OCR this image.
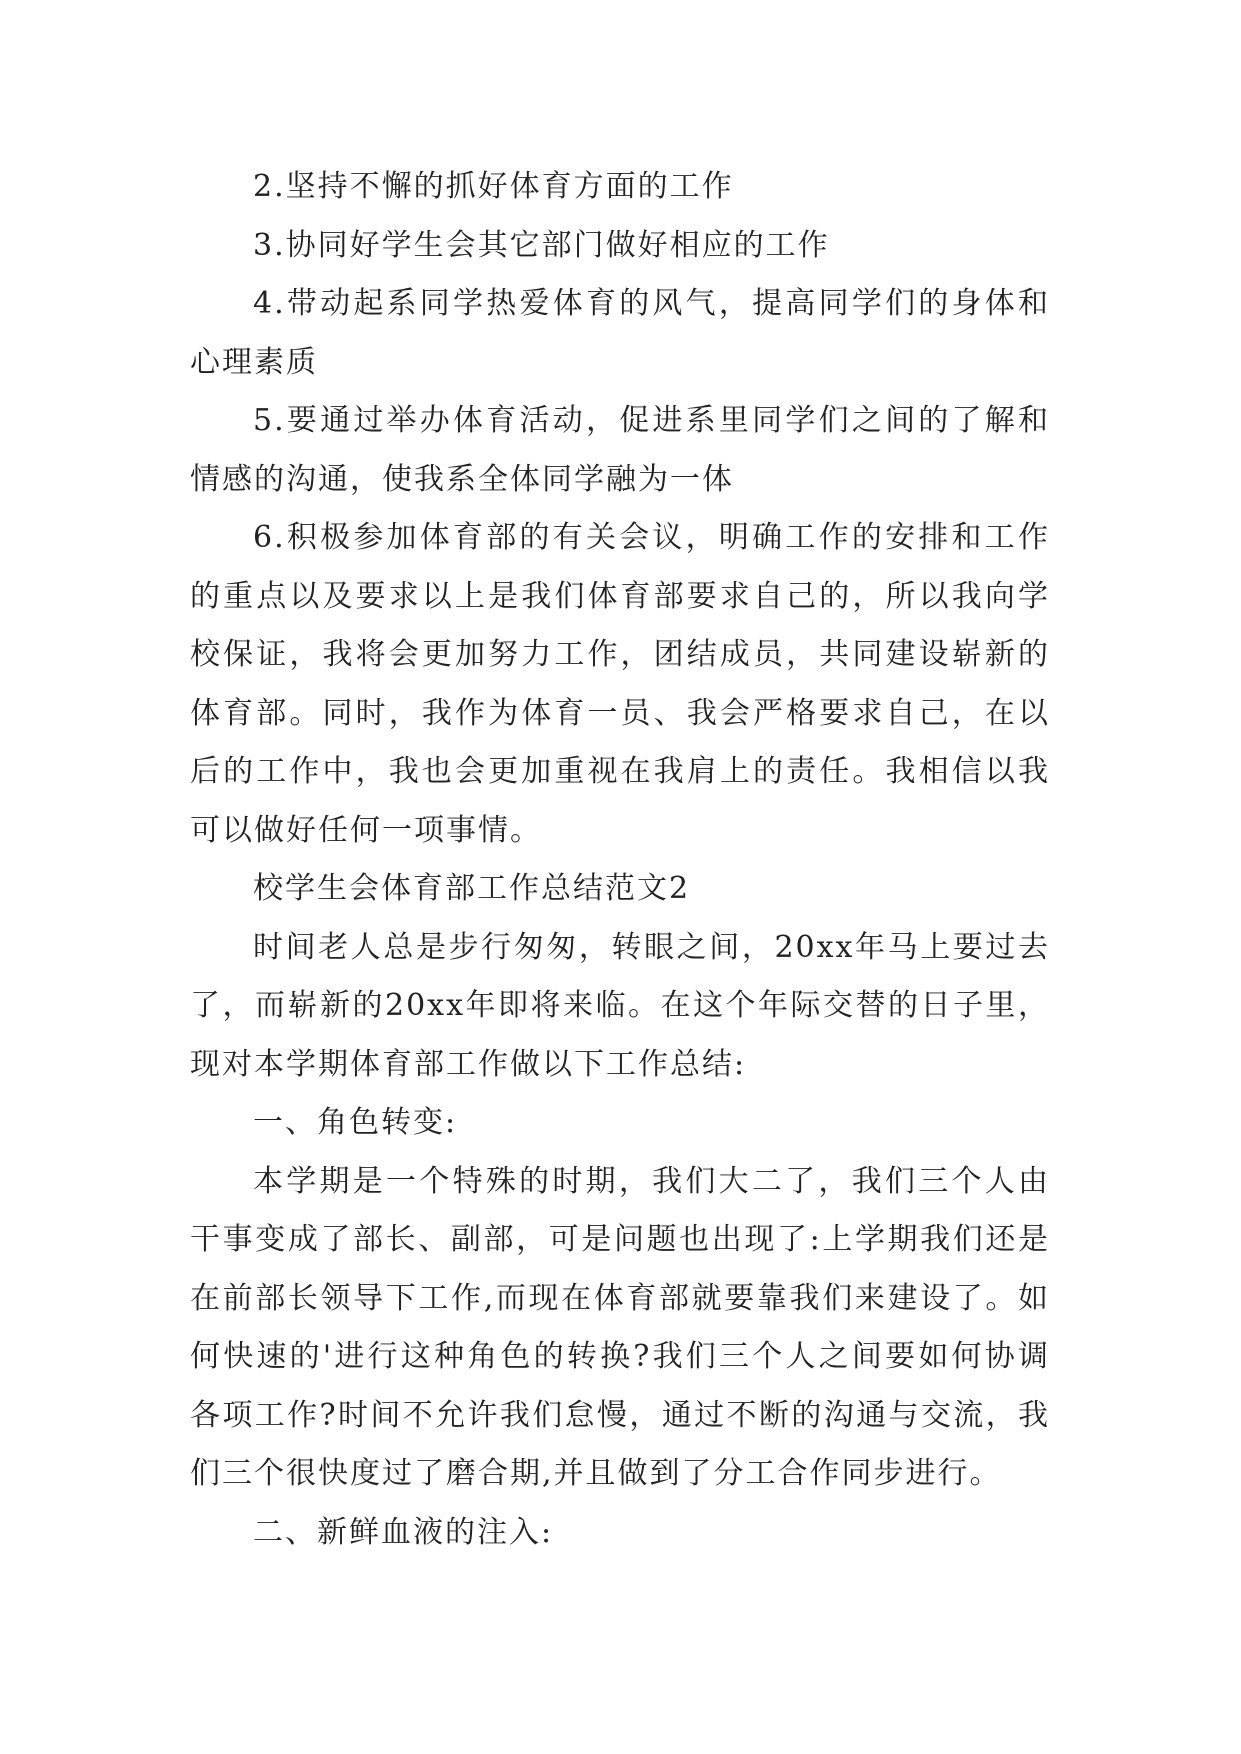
2.坚持不懈的抓好体育方面的工作

3.协同好学生会其它部门做好相应的工作

4.带动起系同学热爱体育的风气，提高同学们的身体和心理素质

5.要通过举办体育活动，促进系里同学们之间的了解和情感的沟通，使我系全体同学融为一体

6.积极参加体育部的有关会议，明确工作的安排和工作的重点以及要求以上是我们体育部要求自己的，所以我向学校保证，我将会更加努力工作，团结成员，共同建设崭新的体育部。同时，我作为体育一员、我会严格要求自己，在以后的工作中，我也会更加重视在我肩上的责任。我相信以我可以做好任何一项事情。

校学生会体育部工作总结范文2

时间老人总是步行匆匆，转眼之间，20xx年马上要过去了，而崭新的20xx年即将来临。在这个年际交替的日子里，现对本学期体育部工作做以下工作总结:

一、角色转变:

本学期是一个特殊的时期，我们大二了，我们三个人由干事变成了部长、副部，可是问题也出现了:上学期我们还是在前部长领导下工作,而现在体育部就要靠我们来建设了。如何快速的'进行这种角色的转换?我们三个人之间要如何协调各项工作?时间不允许我们怠慢，通过不断的沟通与交流，我们三个很快度过了磨合期,并且做到了分工合作同步进行。

二、新鲜血液的注入:
